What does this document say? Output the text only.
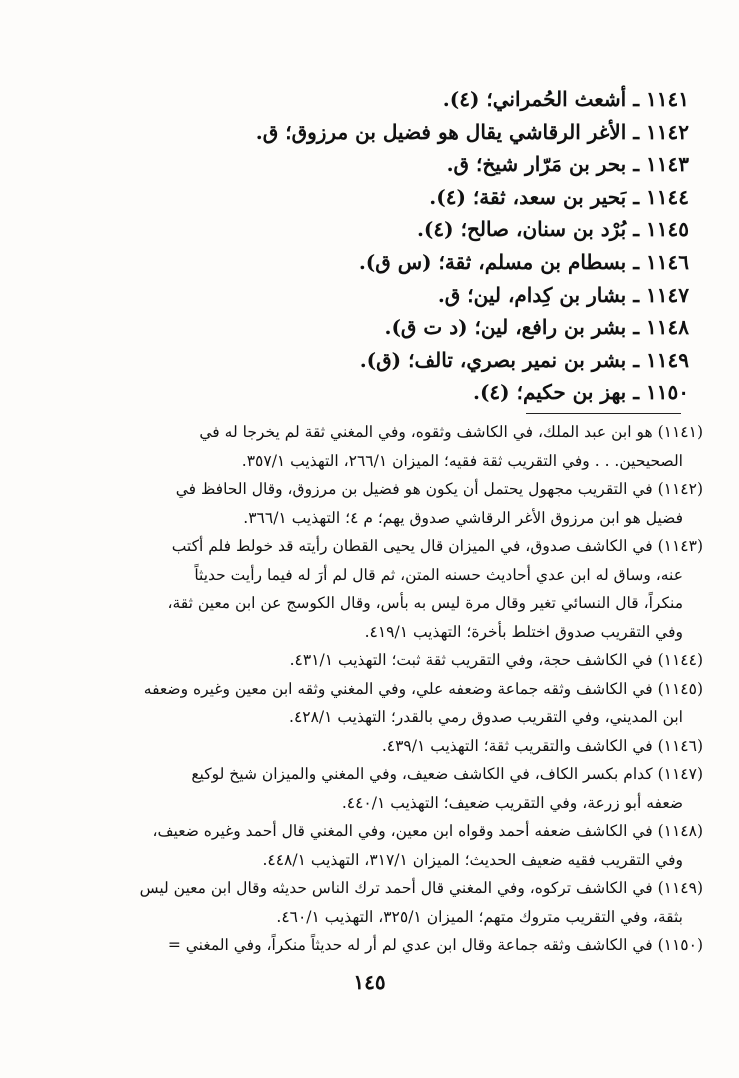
١١٤١ ـ أشعث الحُمراني؛ (٤).
١١٤٢ ـ الأغر الرقاشي يقال هو فضيل بن مرزوق؛ ق.
١١٤٣ ـ بحر بن مَرّار شيخ؛ ق.
١١٤٤ ـ بَحير بن سعد، ثقة؛ (٤).
١١٤٥ ـ بُرْد بن سنان، صالح؛ (٤).
١١٤٦ ـ بسطام بن مسلم، ثقة؛ (س ق).
١١٤٧ ـ بشار بن كِدام، لين؛ ق.
١١٤٨ ـ بشر بن رافع، لين؛ (د ت ق).
١١٤٩ ـ بشر بن نمير بصري، تالف؛ (ق).
١١٥٠ ـ بهز بن حكيم؛ (٤).
(١١٤١) هو ابن عبد الملك، في الكاشف وثقوه، وفي المغني ثقة لم يخرجا له في
الصحيحين. . . وفي التقريب ثقة فقيه؛ الميزان ٢٦٦/١، التهذيب ٣٥٧/١.
(١١٤٢) في التقريب مجهول يحتمل أن يكون هو فضيل بن مرزوق، وقال الحافظ في
فضيل هو ابن مرزوق الأغر الرقاشي صدوق يهم؛ م ٤؛ التهذيب ٣٦٦/١.
(١١٤٣) في الكاشف صدوق، في الميزان قال يحيى القطان رأيته قد خولط فلم أكتب
عنه، وساق له ابن عدي أحاديث حسنه المتن، ثم قال لم أرَ له فيما رأيت حديثاً
منكراً، قال النسائي تغير وقال مرة ليس به بأس، وقال الكوسج عن ابن معين ثقة،
وفي التقريب صدوق اختلط بأخرة؛ التهذيب ٤١٩/١.
(١١٤٤) في الكاشف حجة، وفي التقريب ثقة ثبت؛ التهذيب ٤٣١/١.
(١١٤٥) في الكاشف وثقه جماعة وضعفه علي، وفي المغني وثقه ابن معين وغيره وضعفه
ابن المديني، وفي التقريب صدوق رمي بالقدر؛ التهذيب ٤٢٨/١.
(١١٤٦) في الكاشف والتقريب ثقة؛ التهذيب ٤٣٩/١.
(١١٤٧) كدام بكسر الكاف، في الكاشف ضعيف، وفي المغني والميزان شيخ لوكيع
ضعفه أبو زرعة، وفي التقريب ضعيف؛ التهذيب ٤٤٠/١.
(١١٤٨) في الكاشف ضعفه أحمد وقواه ابن معين، وفي المغني قال أحمد وغيره ضعيف،
وفي التقريب فقيه ضعيف الحديث؛ الميزان ٣١٧/١، التهذيب ٤٤٨/١.
(١١٤٩) في الكاشف تركوه، وفي المغني قال أحمد ترك الناس حديثه وقال ابن معين ليس
بثقة، وفي التقريب متروك متهم؛ الميزان ٣٢٥/١، التهذيب ٤٦٠/١.
(١١٥٠) في الكاشف وثقه جماعة وقال ابن عدي لم أر له حديثاً منكراً، وفي المغني =
١٤٥
